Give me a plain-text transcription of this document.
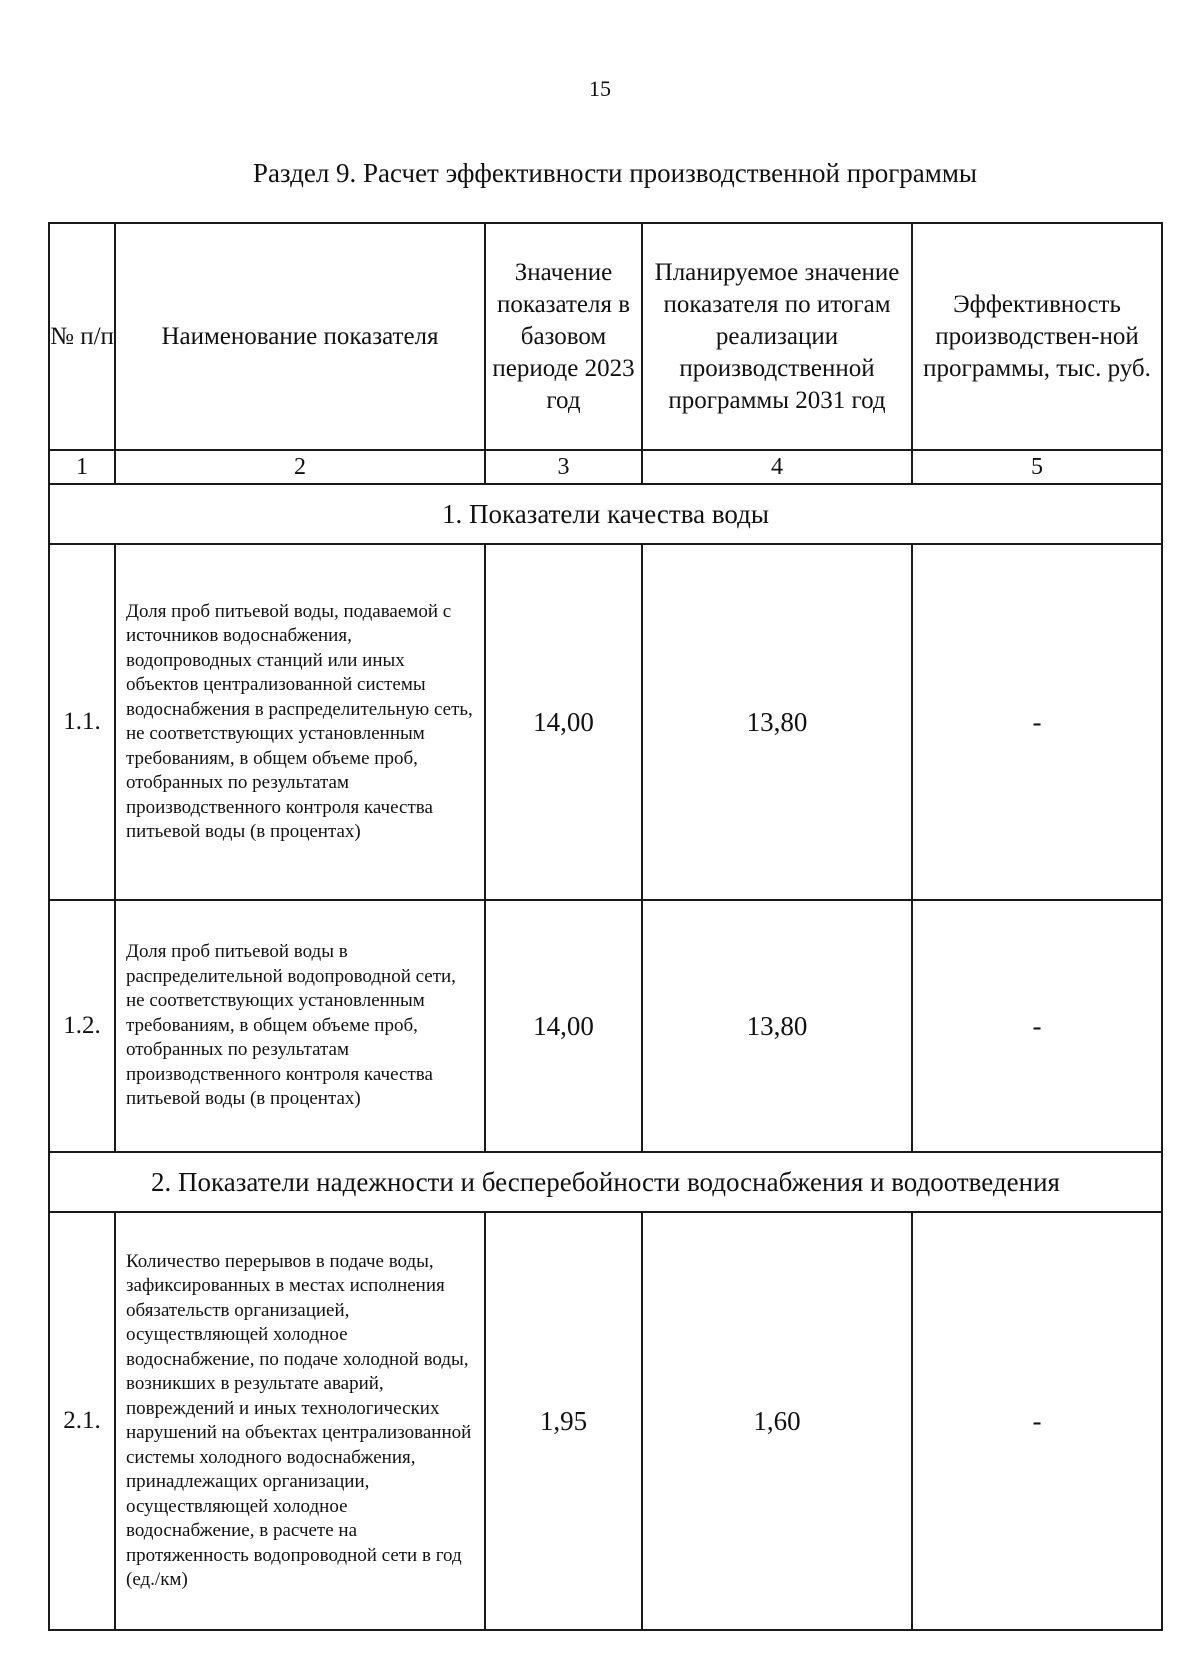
15
Раздел 9. Расчет эффективности производственной программы
№ п/п	Наименование показателя	Значение показателя в базовом периоде 2023 год	Планируемое значение показателя по итогам реализации производственной программы 2031 год	Эффективность производствен-ной программы, тыс. руб.
1	2	3	4	5
1. Показатели качества воды				
1.1.	Доля проб питьевой воды, подаваемой с источников водоснабжения, водопроводных станций или иных объектов централизованной системы водоснабжения в распределительную сеть, не соответствующих установленным требованиям, в общем объеме проб, отобранных по результатам производственного контроля качества питьевой воды (в процентах)	14,00	13,80	-
1.2.	Доля проб питьевой воды в распределительной водопроводной сети, не соответствующих установленным требованиям, в общем объеме проб, отобранных по результатам производственного контроля качества питьевой воды (в процентах)	14,00	13,80	-
2. Показатели надежности и бесперебойности водоснабжения и водоотведения				
2.1.	Количество перерывов в подаче воды, зафиксированных в местах исполнения обязательств организацией, осуществляющей холодное водоснабжение, по подаче холодной воды, возникших в результате аварий, повреждений и иных технологических нарушений на объектах централизованной системы холодного водоснабжения, принадлежащих организации, осуществляющей холодное водоснабжение, в расчете на протяженность водопроводной сети в год (ед./км)	1,95	1,60	-
